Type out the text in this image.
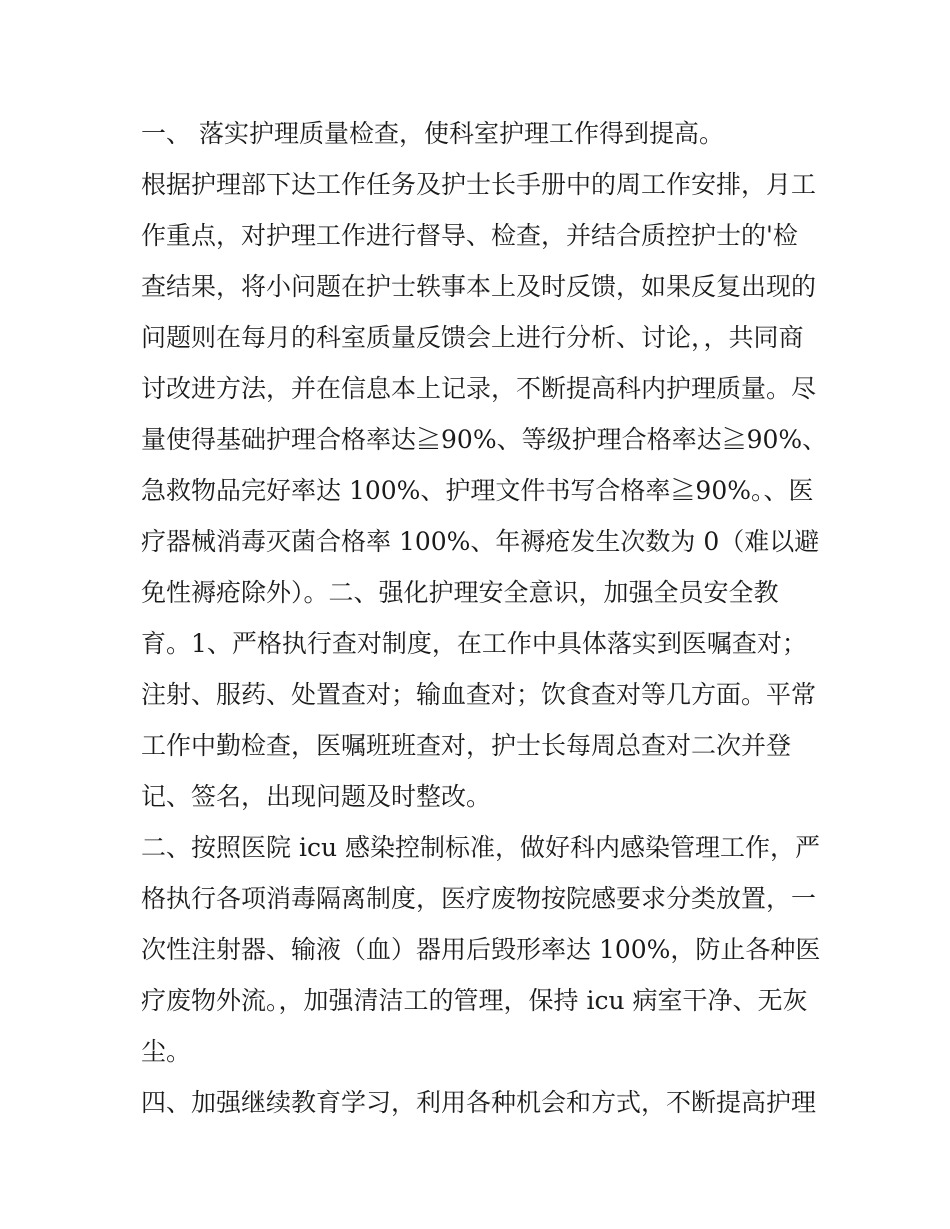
一、 落实护理质量检查，使科室护理工作得到提高。
根据护理部下达工作任务及护士长手册中的周工作安排，月工
作重点，对护理工作进行督导、检查，并结合质控护士的'检
查结果，将小问题在护士轶事本上及时反馈，如果反复出现的
问题则在每月的科室质量反馈会上进行分析、讨论，，共同商
讨改进方法，并在信息本上记录，不断提高科内护理质量。尽
量使得基础护理合格率达≧90%、等级护理合格率达≧90%、
急救物品完好率达 100%、护理文件书写合格率≧90%。、医
疗器械消毒灭菌合格率 100%、年褥疮发生次数为 0（难以避
免性褥疮除外）。二、强化护理安全意识，加强全员安全教
育。1、严格执行查对制度，在工作中具体落实到医嘱查对；
注射、服药、处置查对；输血查对；饮食查对等几方面。平常
工作中勤检查，医嘱班班查对，护士长每周总查对二次并登
记、签名，出现问题及时整改。
二、按照医院 icu 感染控制标准，做好科内感染管理工作，严
格执行各项消毒隔离制度，医疗废物按院感要求分类放置，一
次性注射器、输液（血）器用后毁形率达 100%，防止各种医
疗废物外流。，加强清洁工的管理，保持 icu 病室干净、无灰
尘。
四、加强继续教育学习，利用各种机会和方式，不断提高护理
